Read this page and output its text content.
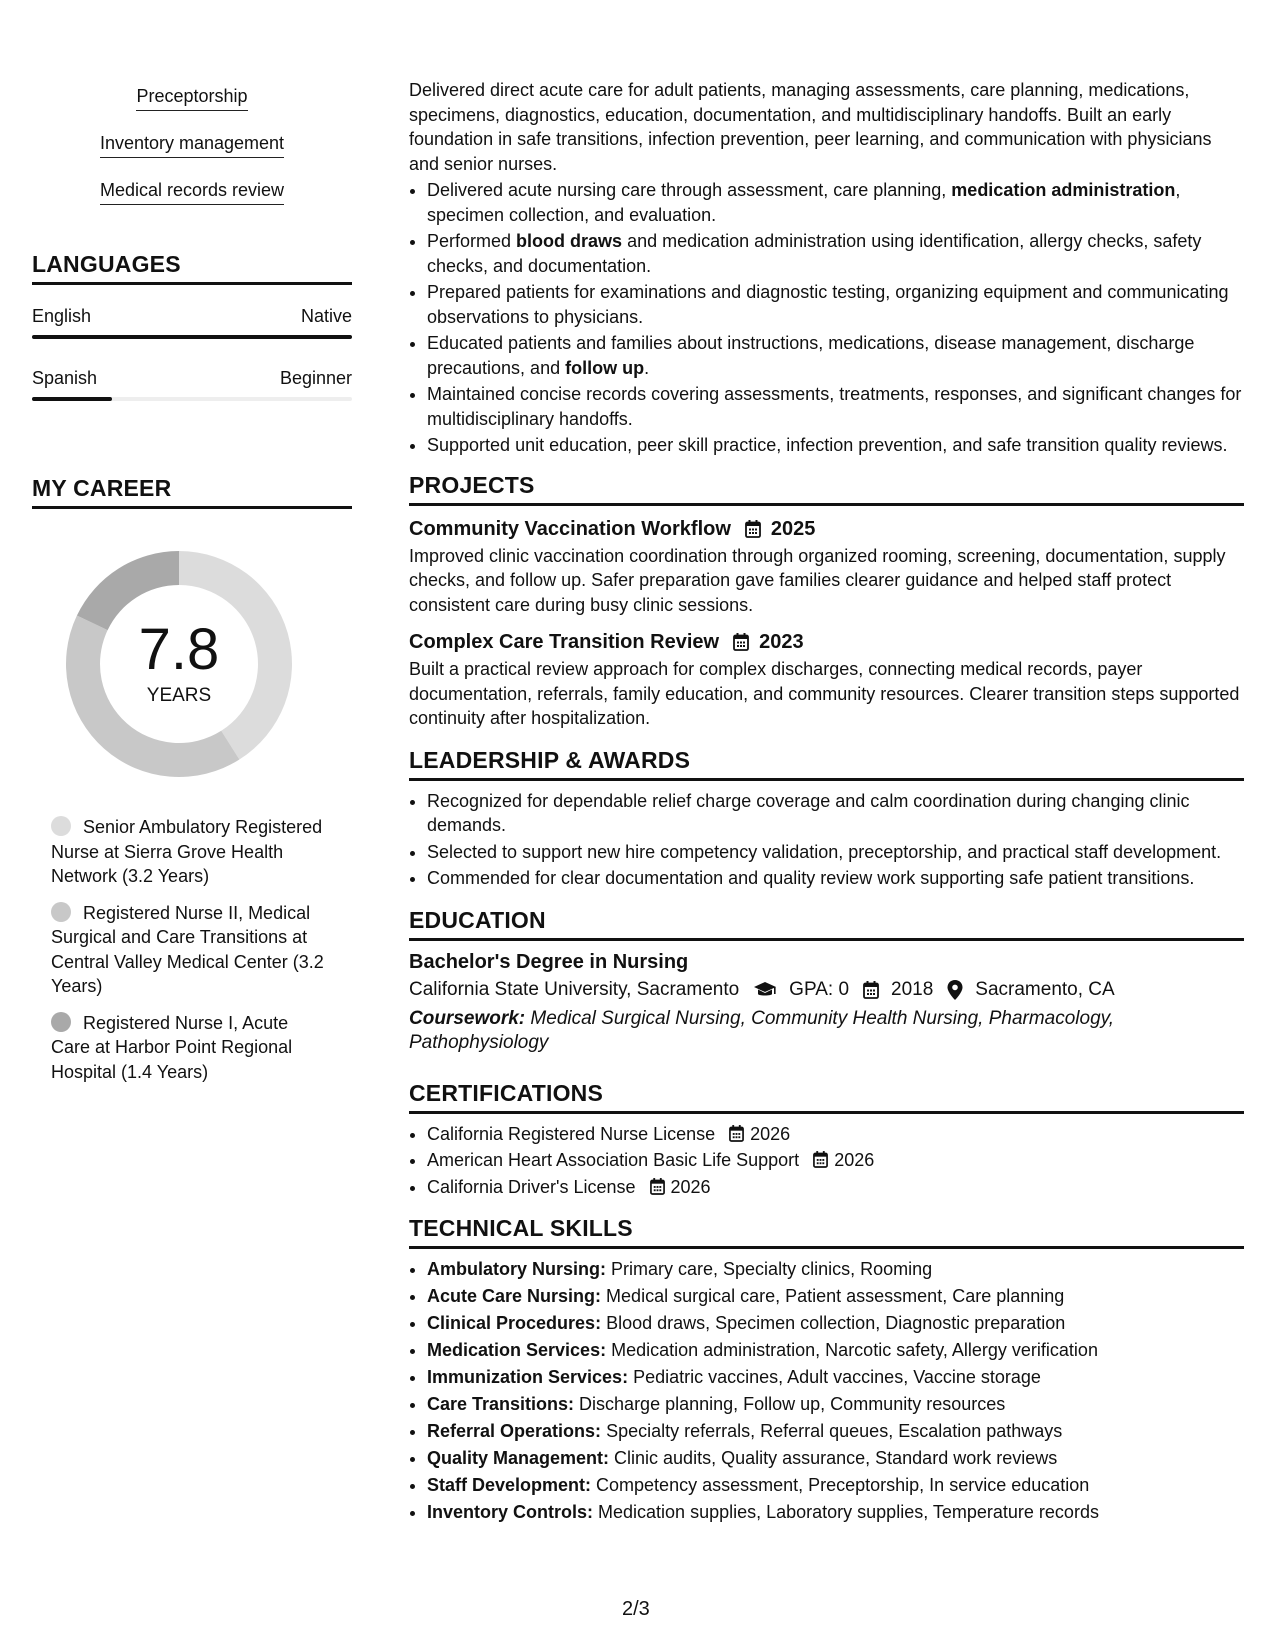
Preceptorship
Inventory management
Medical records review
LANGUAGES
English	Native
Spanish	Beginner
MY CAREER
7.8
YEARS
Senior Ambulatory Registered Nurse at Sierra Grove Health Network (3.2 Years)
Registered Nurse II, Medical Surgical and Care Transitions at Central Valley Medical Center (3.2 Years)
Registered Nurse I, Acute Care at Harbor Point Regional Hospital (1.4 Years)

Delivered direct acute care for adult patients, managing assessments, care planning, medications, specimens, diagnostics, education, documentation, and multidisciplinary handoffs. Built an early foundation in safe transitions, infection prevention, peer learning, and communication with physicians and senior nurses.

• Delivered acute nursing care through assessment, care planning, medication administration, specimen collection, and evaluation.
• Performed blood draws and medication administration using identification, allergy checks, safety checks, and documentation.
• Prepared patients for examinations and diagnostic testing, organizing equipment and communicating observations to physicians.
• Educated patients and families about instructions, medications, disease management, discharge precautions, and follow up.
• Maintained concise records covering assessments, treatments, responses, and significant changes for multidisciplinary handoffs.
• Supported unit education, peer skill practice, infection prevention, and safe transition quality reviews.
PROJECTS
Community Vaccination Workflow 2025

Improved clinic vaccination coordination through organized rooming, screening, documentation, supply checks, and follow up. Safer preparation gave families clearer guidance and helped staff protect consistent care during busy clinic sessions.

Complex Care Transition Review 2023

Built a practical review approach for complex discharges, connecting medical records, payer documentation, referrals, family education, and community resources. Clearer transition steps supported continuity after hospitalization.

LEADERSHIP & AWARDS
• Recognized for dependable relief charge coverage and calm coordination during changing clinic demands.
• Selected to support new hire competency validation, preceptorship, and practical staff development.
• Commended for clear documentation and quality review work supporting safe patient transitions.
EDUCATION
Bachelor's Degree in Nursing
California State University, Sacramento	GPA: 0 2018 Sacramento, CA
Coursework: Medical Surgical Nursing, Community Health Nursing, Pharmacology, Pathophysiology
CERTIFICATIONS
• California Registered Nurse License 2026
• American Heart Association Basic Life Support 2026
• California Driver's License 2026
TECHNICAL SKILLS
• Ambulatory Nursing: Primary care, Specialty clinics, Rooming
• Acute Care Nursing: Medical surgical care, Patient assessment, Care planning
• Clinical Procedures: Blood draws, Specimen collection, Diagnostic preparation
• Medication Services: Medication administration, Narcotic safety, Allergy verification
• Immunization Services: Pediatric vaccines, Adult vaccines, Vaccine storage
• Care Transitions: Discharge planning, Follow up, Community resources
• Referral Operations: Specialty referrals, Referral queues, Escalation pathways
• Quality Management: Clinic audits, Quality assurance, Standard work reviews
• Staff Development: Competency assessment, Preceptorship, In service education
• Inventory Controls: Medication supplies, Laboratory supplies, Temperature records
2/3
